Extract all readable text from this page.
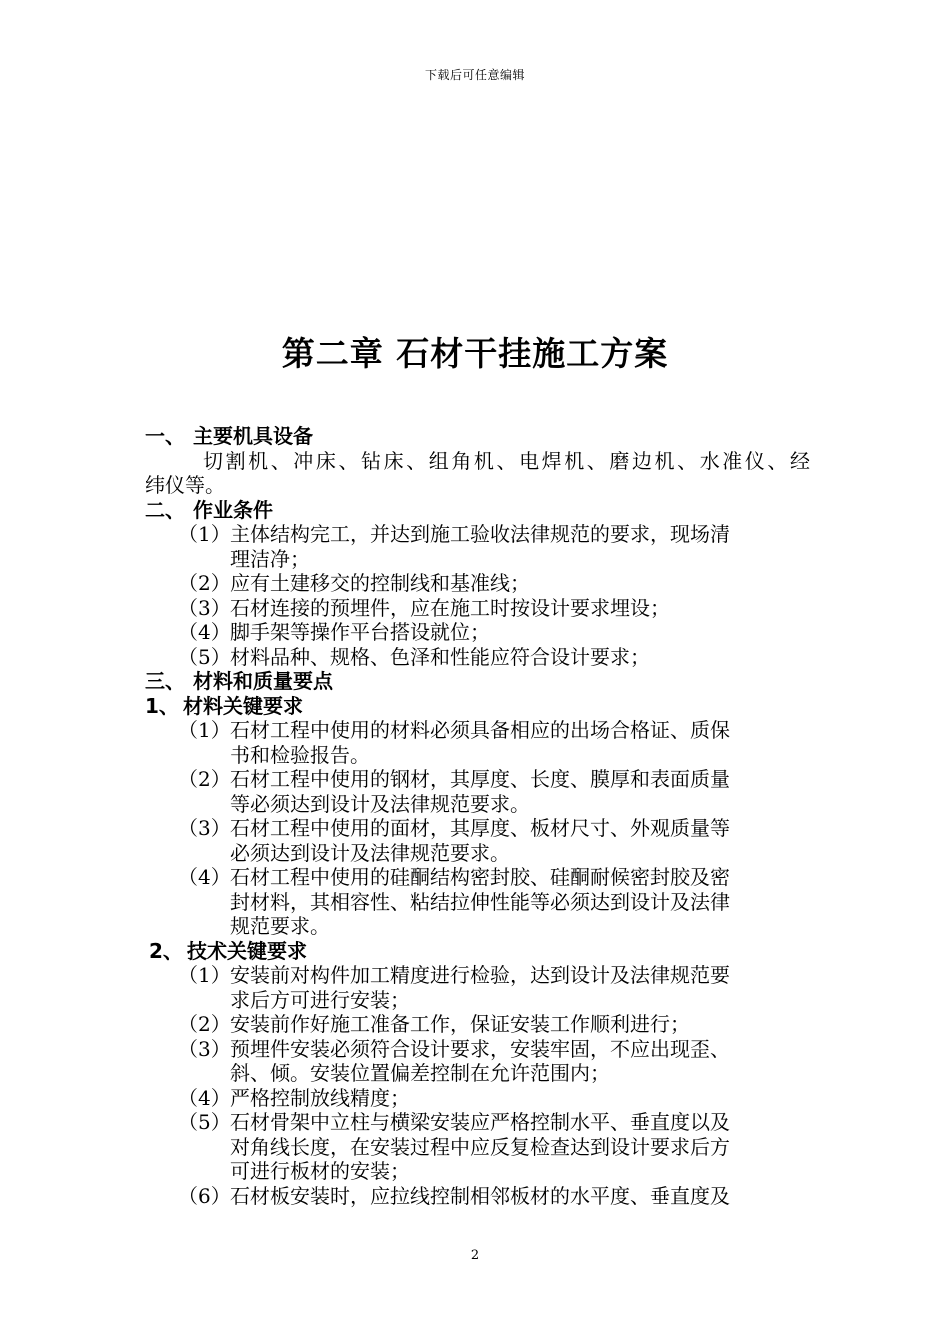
下载后可任意编辑
第二章 石材干挂施工方案
一、 主要机具设备
切割机、冲床、钻床、组角机、电焊机、磨边机、水准仪、经
纬仪等。
二、 作业条件
（1）主体结构完工，并达到施工验收法律规范的要求，现场清
理洁净；
（2）应有土建移交的控制线和基准线；
（3）石材连接的预埋件，应在施工时按设计要求埋设；
（4）脚手架等操作平台搭设就位；
（5）材料品种、规格、色泽和性能应符合设计要求；
三、 材料和质量要点
1、 材料关键要求
（1）石材工程中使用的材料必须具备相应的出场合格证、质保
书和检验报告。
（2）石材工程中使用的钢材，其厚度、长度、膜厚和表面质量
等必须达到设计及法律规范要求。
（3）石材工程中使用的面材，其厚度、板材尺寸、外观质量等
必须达到设计及法律规范要求。
（4）石材工程中使用的硅酮结构密封胶、硅酮耐候密封胶及密
封材料，其相容性、粘结拉伸性能等必须达到设计及法律
规范要求。
2、 技术关键要求
（1）安装前对构件加工精度进行检验，达到设计及法律规范要
求后方可进行安装；
（2）安装前作好施工准备工作，保证安装工作顺利进行；
（3）预埋件安装必须符合设计要求，安装牢固，不应出现歪、
斜、倾。安装位置偏差控制在允许范围内；
（4）严格控制放线精度；
（5）石材骨架中立柱与横梁安装应严格控制水平、垂直度以及
对角线长度，在安装过程中应反复检查达到设计要求后方
可进行板材的安装；
（6）石材板安装时，应拉线控制相邻板材的水平度、垂直度及
2
